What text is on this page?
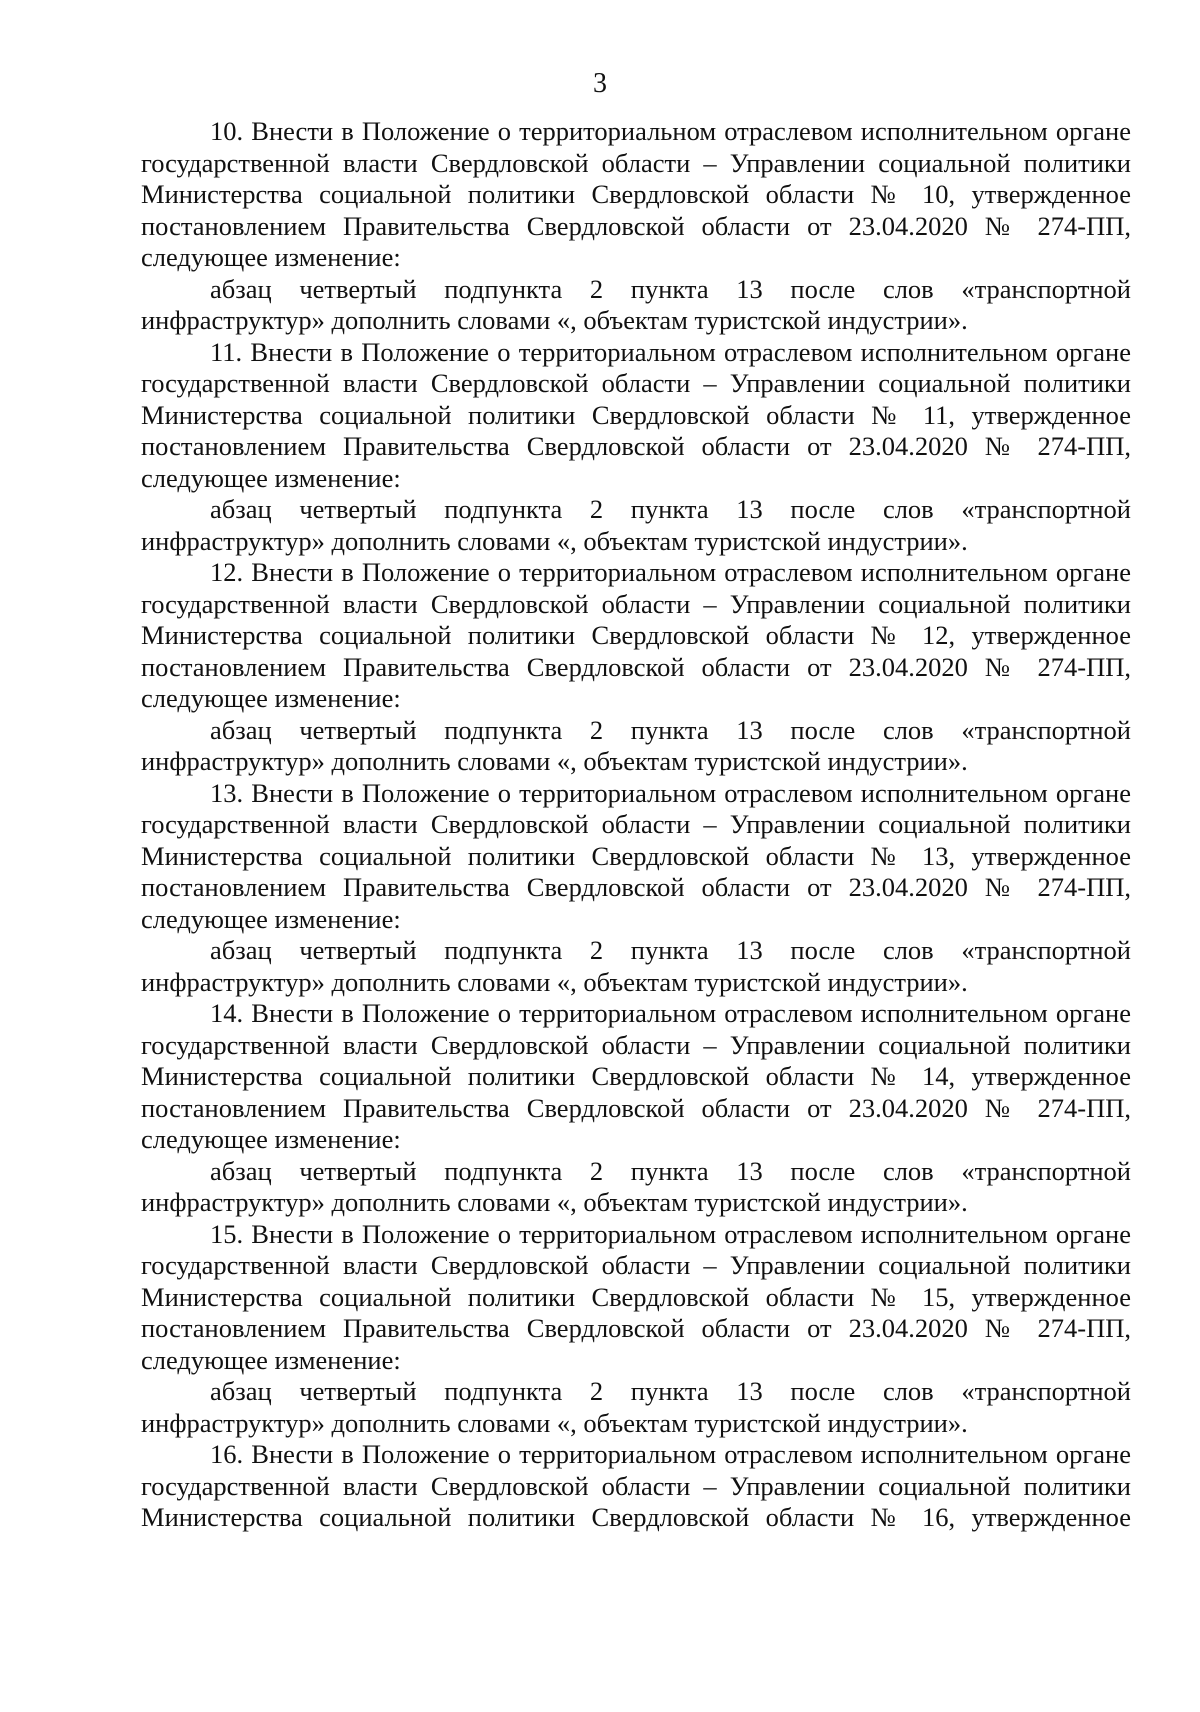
3
10. Внести в Положение о территориальном отраслевом исполнительном органе
государственной власти Свердловской области – Управлении социальной политики
Министерства социальной политики Свердловской области № 10, утвержденное
постановлением Правительства Свердловской области от 23.04.2020 № 274-ПП,
следующее изменение:
абзац четвертый подпункта 2 пункта 13 после слов «транспортной
инфраструктур» дополнить словами «, объектам туристской индустрии».
11. Внести в Положение о территориальном отраслевом исполнительном органе
государственной власти Свердловской области – Управлении социальной политики
Министерства социальной политики Свердловской области № 11, утвержденное
постановлением Правительства Свердловской области от 23.04.2020 № 274-ПП,
следующее изменение:
абзац четвертый подпункта 2 пункта 13 после слов «транспортной
инфраструктур» дополнить словами «, объектам туристской индустрии».
12. Внести в Положение о территориальном отраслевом исполнительном органе
государственной власти Свердловской области – Управлении социальной политики
Министерства социальной политики Свердловской области № 12, утвержденное
постановлением Правительства Свердловской области от 23.04.2020 № 274-ПП,
следующее изменение:
абзац четвертый подпункта 2 пункта 13 после слов «транспортной
инфраструктур» дополнить словами «, объектам туристской индустрии».
13. Внести в Положение о территориальном отраслевом исполнительном органе
государственной власти Свердловской области – Управлении социальной политики
Министерства социальной политики Свердловской области № 13, утвержденное
постановлением Правительства Свердловской области от 23.04.2020 № 274-ПП,
следующее изменение:
абзац четвертый подпункта 2 пункта 13 после слов «транспортной
инфраструктур» дополнить словами «, объектам туристской индустрии».
14. Внести в Положение о территориальном отраслевом исполнительном органе
государственной власти Свердловской области – Управлении социальной политики
Министерства социальной политики Свердловской области № 14, утвержденное
постановлением Правительства Свердловской области от 23.04.2020 № 274-ПП,
следующее изменение:
абзац четвертый подпункта 2 пункта 13 после слов «транспортной
инфраструктур» дополнить словами «, объектам туристской индустрии».
15. Внести в Положение о территориальном отраслевом исполнительном органе
государственной власти Свердловской области – Управлении социальной политики
Министерства социальной политики Свердловской области № 15, утвержденное
постановлением Правительства Свердловской области от 23.04.2020 № 274-ПП,
следующее изменение:
абзац четвертый подпункта 2 пункта 13 после слов «транспортной
инфраструктур» дополнить словами «, объектам туристской индустрии».
16. Внести в Положение о территориальном отраслевом исполнительном органе
государственной власти Свердловской области – Управлении социальной политики
Министерства социальной политики Свердловской области № 16, утвержденное
